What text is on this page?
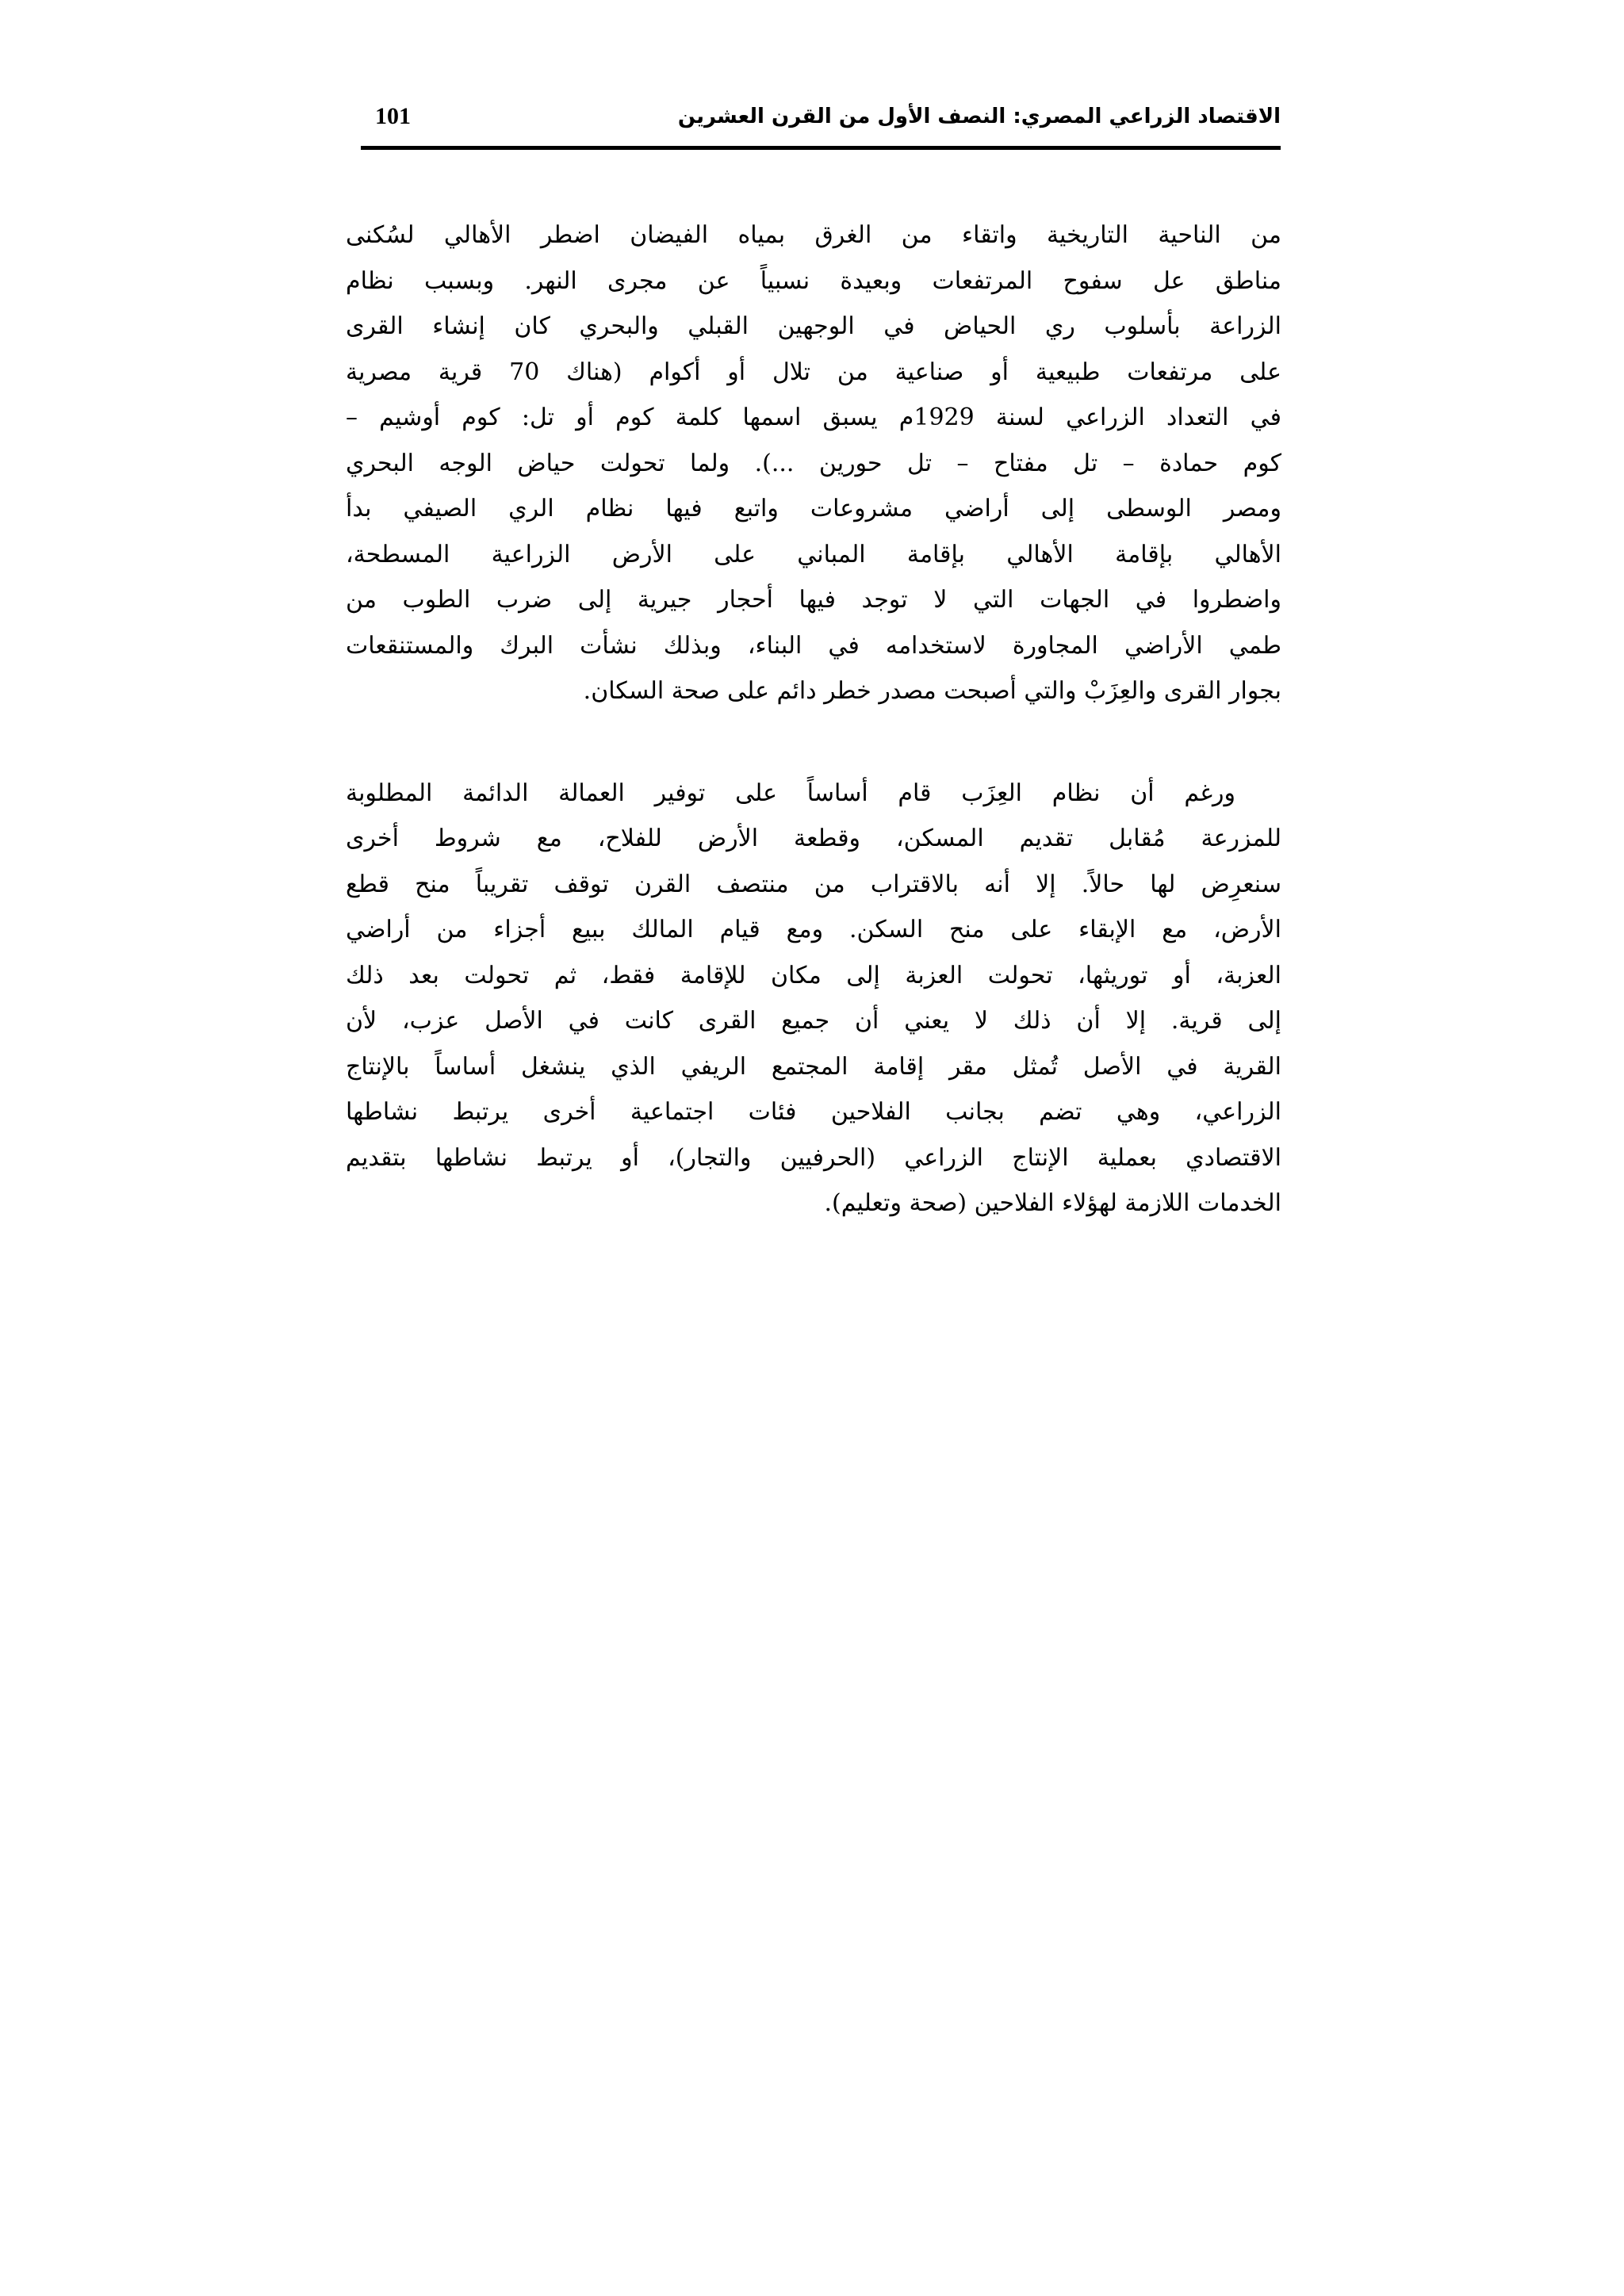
الاقتصاد الزراعي المصري: النصف الأول من القرن العشرين
101

من الناحية التاريخية واتقاء من الغرق بمياه الفيضان اضطر الأهالي لسُكنى
مناطق عل سفوح المرتفعات وبعيدة نسبياً عن مجرى النهر. وبسبب نظام
الزراعة بأسلوب ري الحياض في الوجهين القبلي والبحري كان إنشاء القرى
على مرتفعات طبيعية أو صناعية من تلال أو أكوام (هناك 70 قرية مصرية
في التعداد الزراعي لسنة 1929م يسبق اسمها كلمة كوم أو تل: كوم أوشيم –
كوم حمادة – تل مفتاح – تل حورين ...). ولما تحولت حياض الوجه البحري
ومصر الوسطى إلى أراضي مشروعات واتبع فيها نظام الري الصيفي بدأ
الأهالي بإقامة الأهالي بإقامة المباني على الأرض الزراعية المسطحة،
واضطروا في الجهات التي لا توجد فيها أحجار جيرية إلى ضرب الطوب من
طمي الأراضي المجاورة لاستخدامه في البناء، وبذلك نشأت البرك والمستنقعات
بجوار القرى والعِزَبْ والتي أصبحت مصدر خطر دائم على صحة السكان.

ورغم أن نظام العِزَب قام أساساً على توفير العمالة الدائمة المطلوبة
للمزرعة مُقابل تقديم المسكن، وقطعة الأرض للفلاح، مع شروط أخرى
سنعرِض لها حالاً. إلا أنه بالاقتراب من منتصف القرن توقف تقريباً منح قطع
الأرض، مع الإبقاء على منح السكن. ومع قيام المالك ببيع أجزاء من أراضي
العزبة، أو توريثها، تحولت العزبة إلى مكان للإقامة فقط، ثم تحولت بعد ذلك
إلى قرية. إلا أن ذلك لا يعني أن جميع القرى كانت في الأصل عزب، لأن
القرية في الأصل تُمثل مقر إقامة المجتمع الريفي الذي ينشغل أساساً بالإنتاج
الزراعي، وهي تضم بجانب الفلاحين فئات اجتماعية أخرى يرتبط نشاطها
الاقتصادي بعملية الإنتاج الزراعي (الحرفيين والتجار)، أو يرتبط نشاطها بتقديم
الخدمات اللازمة لهؤلاء الفلاحين (صحة وتعليم).
